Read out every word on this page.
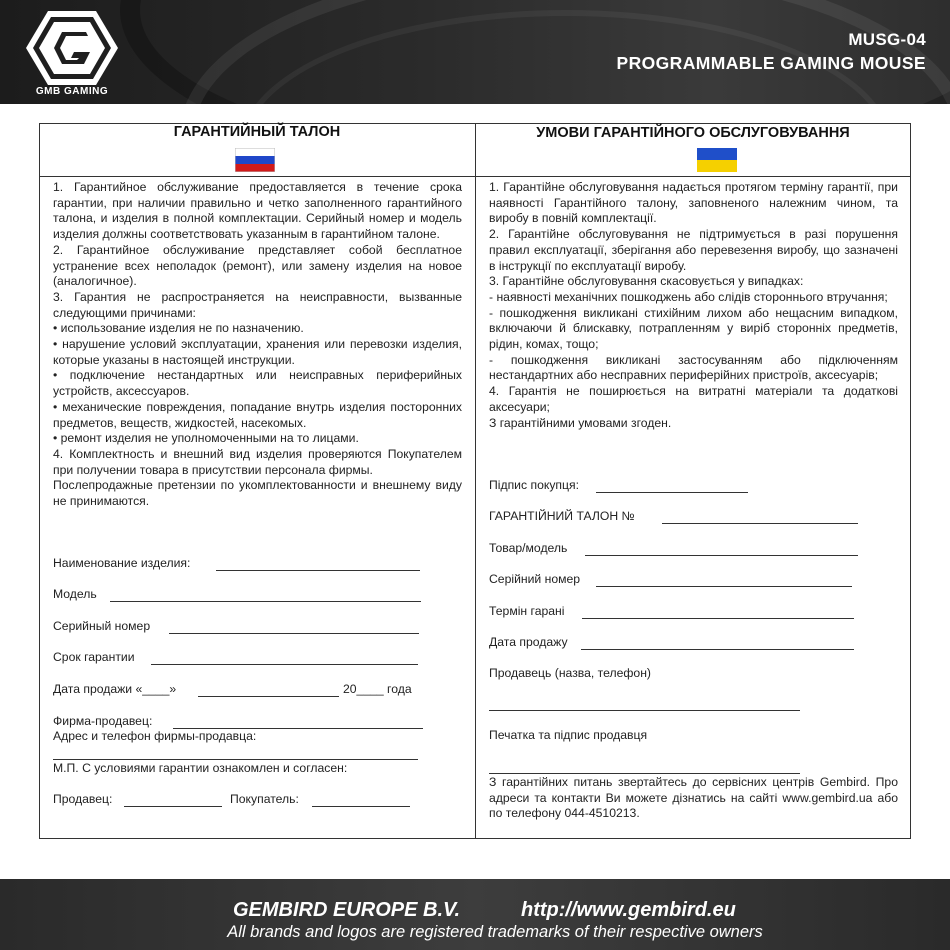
GMB GAMING
MUSG-04
PROGRAMMABLE GAMING MOUSE
ГАРАНТИЙНЫЙ ТАЛОН	УМОВИ ГАРАНТІЙНОГО ОБСЛУГОВУВАННЯ

1. Гарантийное обслуживание предоставляется в течение срока гарантии, при наличии правильно и четко заполненного гарантийного талона, и изделия в полной комплектации. Серийный номер и модель изделия должны соответствовать указанным в гарантийном талоне.

2. Гарантийное обслуживание представляет собой бесплатное устранение всех неполадок (ремонт), или замену изделия на новое (аналогичное).

3. Гарантия не распространяется на неисправности, вызванные следующими причинами:

• использование изделия не по назначению.

• нарушение условий эксплуатации, хранения или перевозки изделия, которые указаны в настоящей инструкции.

• подключение нестандартных или неисправных периферийных устройств, аксессуаров.

• механические повреждения, попадание внутрь изделия посторонних предметов, веществ, жидкостей, насекомых.

• ремонт изделия не уполномоченными на то лицами.

4. Комплектность и внешний вид изделия проверяются Покупателем при получении товара в присутствии персонала фирмы.

Послепродажные претензии по укомплектованности и внешнему виду не принимаются.

Наименование изделия:
Модель
Серийный номер
Срок гарантии
Дата продажи «____»	20____ года
Фирма-продавец:
Адрес и телефон фирмы-продавца:
М.П. С условиями гарантии ознакомлен и согласен:
Продавец:	Покупатель:

1. Гарантійне обслуговування надається протягом терміну гарантії, при наявності Гарантійного талону, заповненого належним чином, та виробу в повній комплектації.

2. Гарантійне обслуговування не підтримується в разі порушення правил експлуатації, зберігання або перевезення виробу, що зазначені в інструкції по експлуатації виробу.

3. Гарантійне обслуговування скасовується у випадках:

- наявності механічних пошкоджень або слідів стороннього втручання;

- пошкодження викликані стихійним лихом або нещасним випадком, включаючи й блискавку, потрапленням у виріб сторонніх предметів, рідин, комах, тощо;

- пошкодження викликані застосуванням або підключенням нестандартних або несправних периферійних пристроїв, аксесуарів;

4. Гарантія не поширюється на витратні матеріали та додаткові аксесуари;

З гарантійними умовами згоден.

Підпис покупця:
ГАРАНТІЙНИЙ ТАЛОН №
Товар/модель
Серійний номер
Термін гарані
Дата продажу
Продавець (назва, телефон)
Печатка та підпис продавця

З гарантійних питань звертайтесь до сервісних центрів Gembird. Про адреси та контакти Ви можете дізнатись на сайті www.gembird.ua або по телефону 044-4510213.

GEMBIRD EUROPE B.V.	http://www.gembird.eu
All brands and logos are registered trademarks of their respective owners
